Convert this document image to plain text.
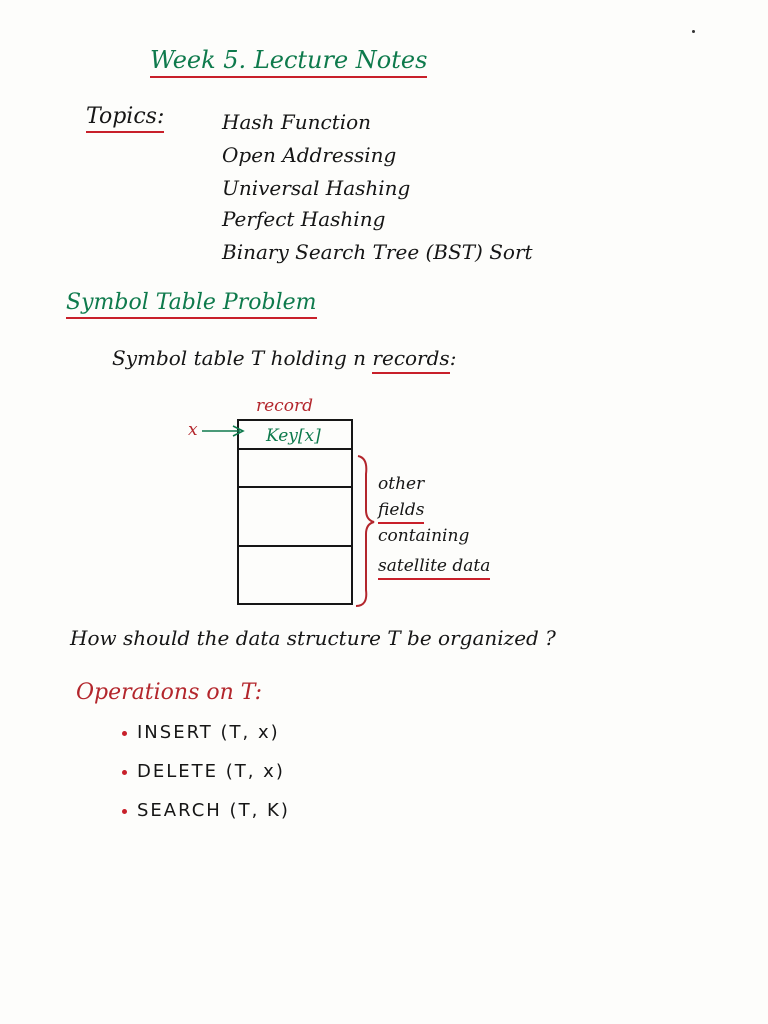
Week 5. Lecture Notes
Topics:	Hash Function
Open Addressing
Universal Hashing
Perfect Hashing
Binary Search Tree (BST) Sort
Symbol Table Problem
Symbol table T holding n records:
record
x	Key[x]
other
fields
containing
satellite data
How should the data structure T be organized ?
Operations on T:
INSERT (T, x)
DELETE (T, x)
SEARCH (T, K)
